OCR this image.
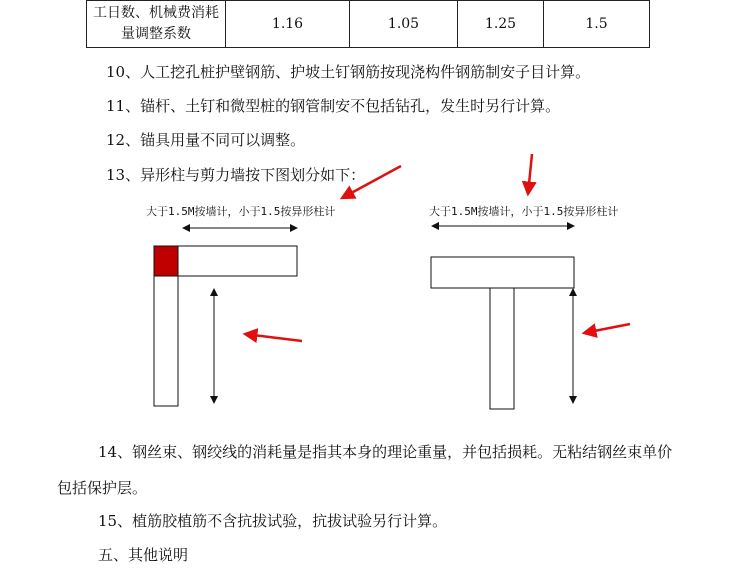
工日数、机械费消耗
量调整系数	1.16	1.05	1.25	1.5
10、人工挖孔桩护壁钢筋、护坡土钉钢筋按现浇构件钢筋制安子目计算。
11、锚杆、土钉和微型桩的钢管制安不包括钻孔，发生时另行计算。
12、锚具用量不同可以调整。
13、异形柱与剪力墙按下图划分如下：
大于1.5M按墙计，小于1.5按异形柱计	大于1.5M按墙计，小于1.5按异形柱计
14、钢丝束、钢绞线的消耗量是指其本身的理论重量，并包括损耗。无粘结钢丝束单价
包括保护层。
15、植筋胶植筋不含抗拔试验，抗拔试验另行计算。
五、其他说明
